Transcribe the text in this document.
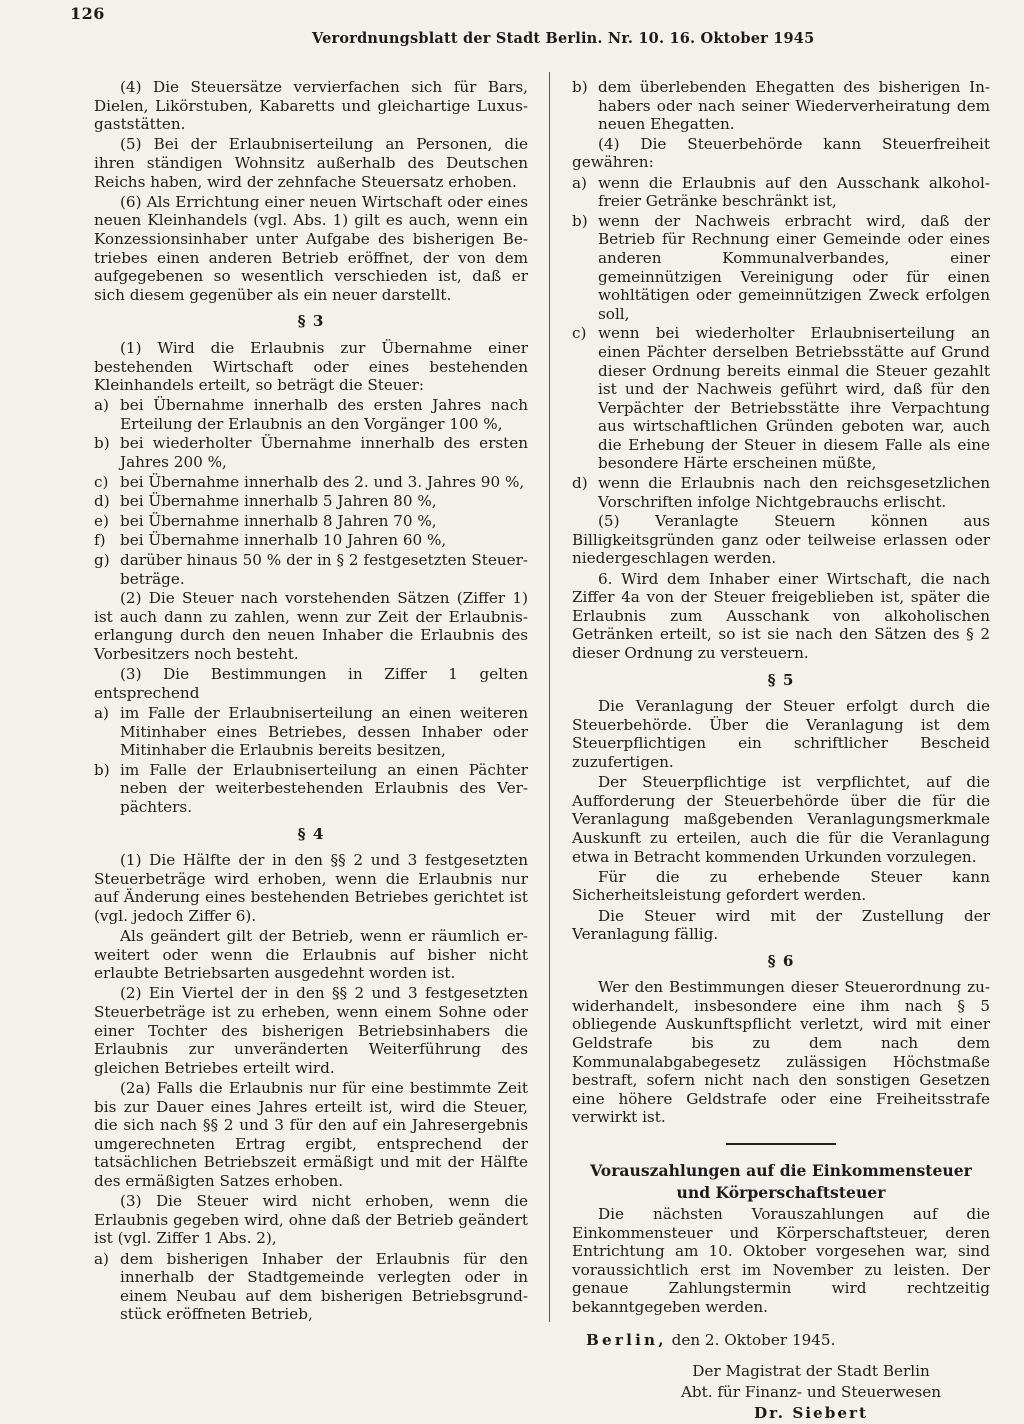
126
Verordnungsblatt der Stadt Berlin. Nr. 10. 16. Oktober 1945

(4) Die Steuersätze vervierfachen sich für Bars, Dielen, Likörstuben, Kabaretts und gleichartige Luxusgaststätten.

(5) Bei der Erlaubniserteilung an Personen, die ihren ständigen Wohnsitz außerhalb des Deutschen Reichs haben, wird der zehnfache Steuersatz erhoben.

(6) Als Errichtung einer neuen Wirtschaft oder eines neuen Kleinhandels (vgl. Abs. 1) gilt es auch, wenn ein Konzessionsinhaber unter Aufgabe des bisherigen Betriebes einen anderen Betrieb eröffnet, der von dem aufgegebenen so wesentlich verschieden ist, daß er sich diesem gegenüber als ein neuer darstellt.

§ 3

(1) Wird die Erlaubnis zur Übernahme einer bestehenden Wirtschaft oder eines bestehenden Kleinhandels erteilt, so beträgt die Steuer:

a) bei Übernahme innerhalb des ersten Jahres nach Erteilung der Erlaubnis an den Vorgänger 100 %,
b) bei wiederholter Übernahme innerhalb des ersten Jahres 200 %,
c) bei Übernahme innerhalb des 2. und 3. Jahres 90 %,
d) bei Übernahme innerhalb 5 Jahren 80 %,
e) bei Übernahme innerhalb 8 Jahren 70 %,
f) bei Übernahme innerhalb 10 Jahren 60 %,
g) darüber hinaus 50 % der in § 2 festgesetzten Steuerbeträge.

(2) Die Steuer nach vorstehenden Sätzen (Ziffer 1) ist auch dann zu zahlen, wenn zur Zeit der Erlaubniserlangung durch den neuen Inhaber die Erlaubnis des Vorbesitzers noch besteht.

(3) Die Bestimmungen in Ziffer 1 gelten entsprechend

a) im Falle der Erlaubniserteilung an einen weiteren Mitinhaber eines Betriebes, dessen Inhaber oder Mitinhaber die Erlaubnis bereits besitzen,
b) im Falle der Erlaubniserteilung an einen Pächter neben der weiterbestehenden Erlaubnis des Verpächters.
§ 4

(1) Die Hälfte der in den §§ 2 und 3 festgesetzten Steuerbeträge wird erhoben, wenn die Erlaubnis nur auf Änderung eines bestehenden Betriebes gerichtet ist (vgl. jedoch Ziffer 6).

Als geändert gilt der Betrieb, wenn er räumlich erweitert oder wenn die Erlaubnis auf bisher nicht erlaubte Betriebsarten ausgedehnt worden ist.

(2) Ein Viertel der in den §§ 2 und 3 festgesetzten Steuerbeträge ist zu erheben, wenn einem Sohne oder einer Tochter des bisherigen Betriebsinhabers die Erlaubnis zur unveränderten Weiterführung des gleichen Betriebes erteilt wird.

(2a) Falls die Erlaubnis nur für eine bestimmte Zeit bis zur Dauer eines Jahres erteilt ist, wird die Steuer, die sich nach §§ 2 und 3 für den auf ein Jahresergebnis umgerechneten Ertrag ergibt, entsprechend der tatsächlichen Betriebszeit ermäßigt und mit der Hälfte des ermäßigten Satzes erhoben.

(3) Die Steuer wird nicht erhoben, wenn die Erlaubnis gegeben wird, ohne daß der Betrieb geändert ist (vgl. Ziffer 1 Abs. 2),

a) dem bisherigen Inhaber der Erlaubnis für den innerhalb der Stadtgemeinde verlegten oder in einem Neubau auf dem bisherigen Betriebsgrundstück eröffneten Betrieb,
b) dem überlebenden Ehegatten des bisherigen Inhabers oder nach seiner Wiederverheiratung dem neuen Ehegatten.

(4) Die Steuerbehörde kann Steuerfreiheit gewähren:

a) wenn die Erlaubnis auf den Ausschank alkoholfreier Getränke beschränkt ist,
b) wenn der Nachweis erbracht wird, daß der Betrieb für Rechnung einer Gemeinde oder eines anderen Kommunalverbandes, einer gemeinnützigen Vereinigung oder für einen wohltätigen oder gemeinnützigen Zweck erfolgen soll,
c) wenn bei wiederholter Erlaubniserteilung an einen Pächter derselben Betriebsstätte auf Grund dieser Ordnung bereits einmal die Steuer gezahlt ist und der Nachweis geführt wird, daß für den Verpächter der Betriebsstätte ihre Verpachtung aus wirtschaftlichen Gründen geboten war, auch die Erhebung der Steuer in diesem Falle als eine besondere Härte erscheinen müßte,
d) wenn die Erlaubnis nach den reichsgesetzlichen Vorschriften infolge Nichtgebrauchs erlischt.

(5) Veranlagte Steuern können aus Billigkeitsgründen ganz oder teilweise erlassen oder niedergeschlagen werden.

6. Wird dem Inhaber einer Wirtschaft, die nach Ziffer 4a von der Steuer freigeblieben ist, später die Erlaubnis zum Ausschank von alkoholischen Getränken erteilt, so ist sie nach den Sätzen des § 2 dieser Ordnung zu versteuern.

§ 5

Die Veranlagung der Steuer erfolgt durch die Steuerbehörde. Über die Veranlagung ist dem Steuerpflichtigen ein schriftlicher Bescheid zuzufertigen.

Der Steuerpflichtige ist verpflichtet, auf die Aufforderung der Steuerbehörde über die für die Veranlagung maßgebenden Veranlagungsmerkmale Auskunft zu erteilen, auch die für die Veranlagung etwa in Betracht kommenden Urkunden vorzulegen.

Für die zu erhebende Steuer kann Sicherheitsleistung gefordert werden.

Die Steuer wird mit der Zustellung der Veranlagung fällig.

§ 6

Wer den Bestimmungen dieser Steuerordnung zuwiderhandelt, insbesondere eine ihm nach § 5 obliegende Auskunftspflicht verletzt, wird mit einer Geldstrafe bis zu dem nach dem Kommunalabgabegesetz zulässigen Höchstmaße bestraft, sofern nicht nach den sonstigen Gesetzen eine höhere Geldstrafe oder eine Freiheitsstrafe verwirkt ist.

Vorauszahlungen auf die Einkommensteuer
und Körperschaftsteuer

Die nächsten Vorauszahlungen auf die Einkommensteuer und Körperschaftsteuer, deren Entrichtung am 10. Oktober vorgesehen war, sind voraussichtlich erst im November zu leisten. Der genaue Zahlungstermin wird rechtzeitig bekanntgegeben werden.

Berlin, den 2. Oktober 1945.
Der Magistrat der Stadt Berlin
Abt. für Finanz- und Steuerwesen
Dr. Siebert
